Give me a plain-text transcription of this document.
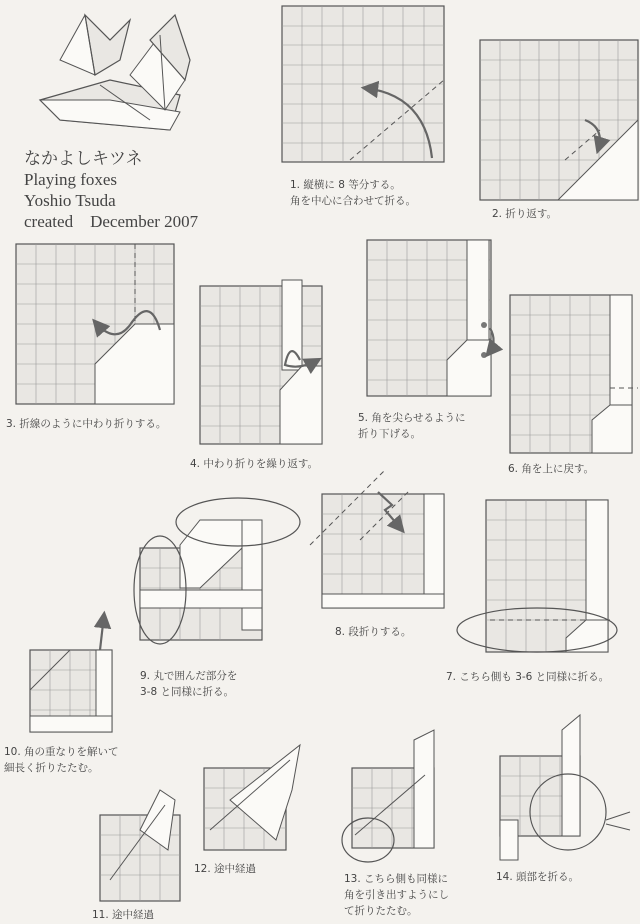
なかよしキツネ
Playing foxes
Yoshio Tsuda
created December 2007
1. 縦横に 8 等分する。
角を中心に合わせて折る。
2. 折り返す。
3. 折線のように中わり折りする。
4. 中わり折りを繰り返す。
5. 角を尖らせるように
折り下げる。
6. 角を上に戻す。
7. こちら側も 3-6 と同様に折る。
8. 段折りする。
9. 丸で囲んだ部分を
3-8 と同様に折る。
10. 角の重なりを解いて
細長く折りたたむ。
11. 途中経過
12. 途中経過
13. こちら側も同様に
角を引き出すようにし
て折りたたむ。
14. 頭部を折る。
